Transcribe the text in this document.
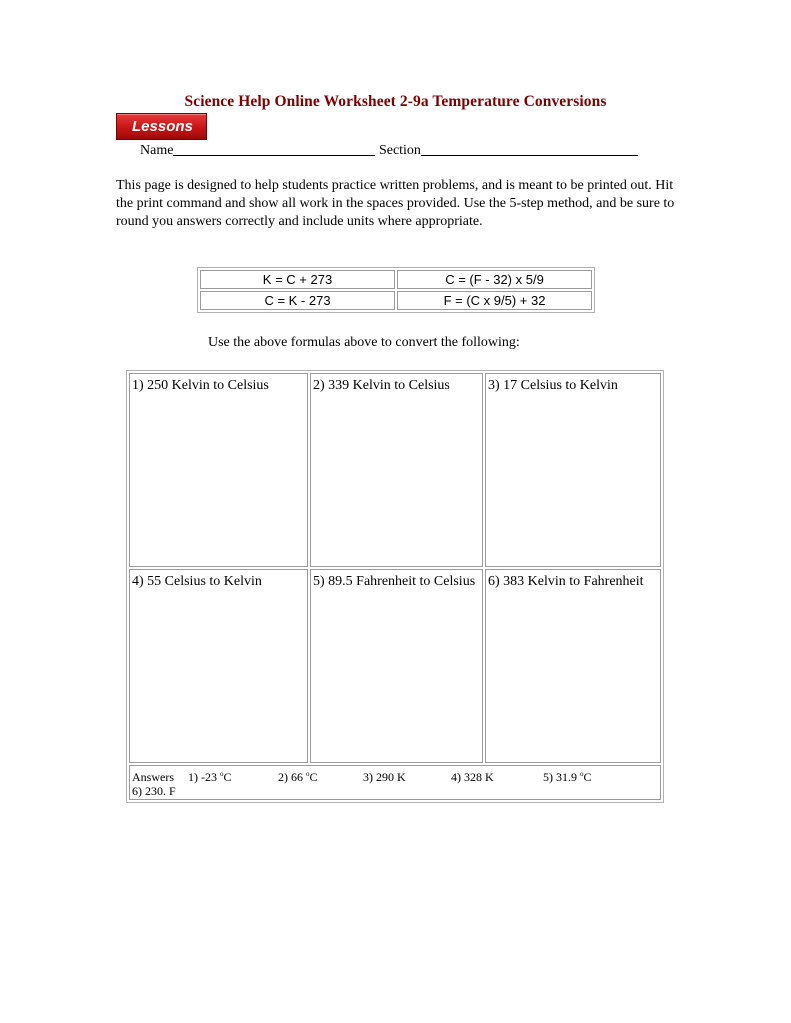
Science Help Online Worksheet 2-9a Temperature Conversions
Lessons
Name	Section
This page is designed to help students practice written problems, and is meant to be printed out. Hit the print command and show all work in the spaces provided. Use the 5-step method, and be sure to round you answers correctly and include units where appropriate.
K = C + 273	C = (F - 32) x 5/9
C = K - 273	F = (C x 9/5) + 32
Use the above formulas above to convert the following:
1) 250 Kelvin to Celsius	2) 339 Kelvin to Celsius	3) 17 Celsius to Kelvin
4) 55 Celsius to Kelvin	5) 89.5 Fahrenheit to Celsius	6) 383 Kelvin to Fahrenheit
Answers 1) -23 $^o$C 2) 66 $^o$C 3) 290 K 4) 328 K 5) 31.9 $^o$C
6) 230. F		
